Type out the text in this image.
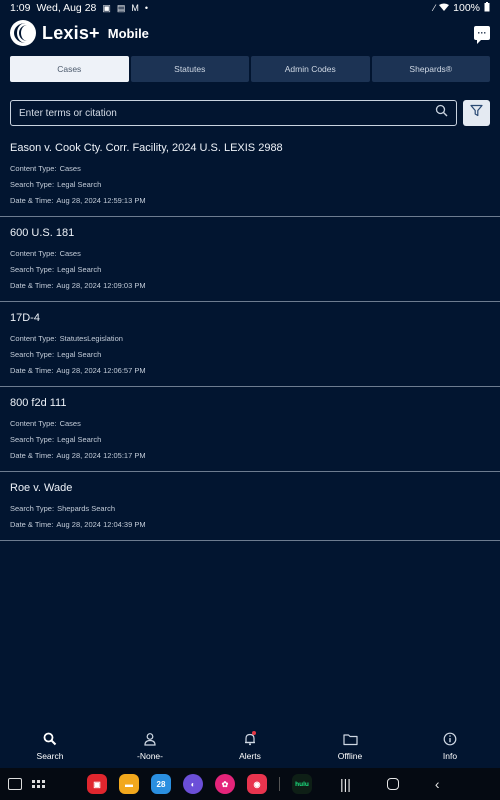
1:09 Wed, Aug 28 ▣ ▤ M •	⁄ 100%
Lexis+ Mobile	···
Cases	Statutes	Admin Codes	Shepards®
Enter terms or citation
Eason v. Cook Cty. Corr. Facility, 2024 U.S. LEXIS 2988
Content Type: Cases
Search Type: Legal Search
Date & Time: Aug 28, 2024 12:59:13 PM
600 U.S. 181
Content Type: Cases
Search Type: Legal Search
Date & Time: Aug 28, 2024 12:09:03 PM
17D-4
Content Type: StatutesLegislation
Search Type: Legal Search
Date & Time: Aug 28, 2024 12:06:57 PM
800 f2d 111
Content Type: Cases
Search Type: Legal Search
Date & Time: Aug 28, 2024 12:05:17 PM
Roe v. Wade
Search Type: Shepards Search
Date & Time: Aug 28, 2024 12:04:39 PM
Search	-None-	Alerts	Offline	Info
▣	▬	28	◐	✿	◉	hulu |||	‹
